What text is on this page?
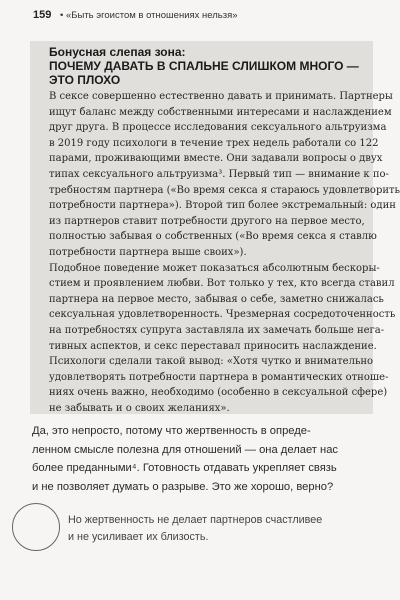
159 • «Быть эгоистом в отношениях нельзя»

Бонусная слепая зона:

ПОЧЕМУ ДАВАТЬ В СПАЛЬНЕ СЛИШКОМ МНОГО —
ЭТО ПЛОХО

В сексе совершенно естественно давать и принимать. Партнеры
ищут баланс между собственными интересами и наслаждением
друг друга. В процессе исследования сексуального альтруизма
в 2019 году психологи в течение трех недель работали со 122
парами, проживающими вместе. Они задавали вопросы о двух
типах сексуального альтруизма³. Первый тип — внимание к по-
требностям партнера («Во время секса я стараюсь удовлетворить
потребности партнера»). Второй тип более экстремальный: один
из партнеров ставит потребности другого на первое место,
полностью забывая о собственных («Во время секса я ставлю
потребности партнера выше своих»).
Подобное поведение может показаться абсолютным бескоры-
стием и проявлением любви. Вот только у тех, кто всегда ставил
партнера на первое место, забывая о себе, заметно снижалась
сексуальная удовлетворенность. Чрезмерная сосредоточенность
на потребностях супруга заставляла их замечать больше нега-
тивных аспектов, и секс переставал приносить наслаждение.
Психологи сделали такой вывод: «Хотя чутко и внимательно
удовлетворять потребности партнера в романтических отноше-
ниях очень важно, необходимо (особенно в сексуальной сфере)
не забывать и о своих желаниях».
Да, это непросто, потому что жертвенность в опреде-
ленном смысле полезна для отношений — она делает нас
более преданными⁴. Готовность отдавать укрепляет связь
и не позволяет думать о разрыве. Это же хорошо, верно?
Но жертвенность не делает партнеров счастливее
и не усиливает их близость.
